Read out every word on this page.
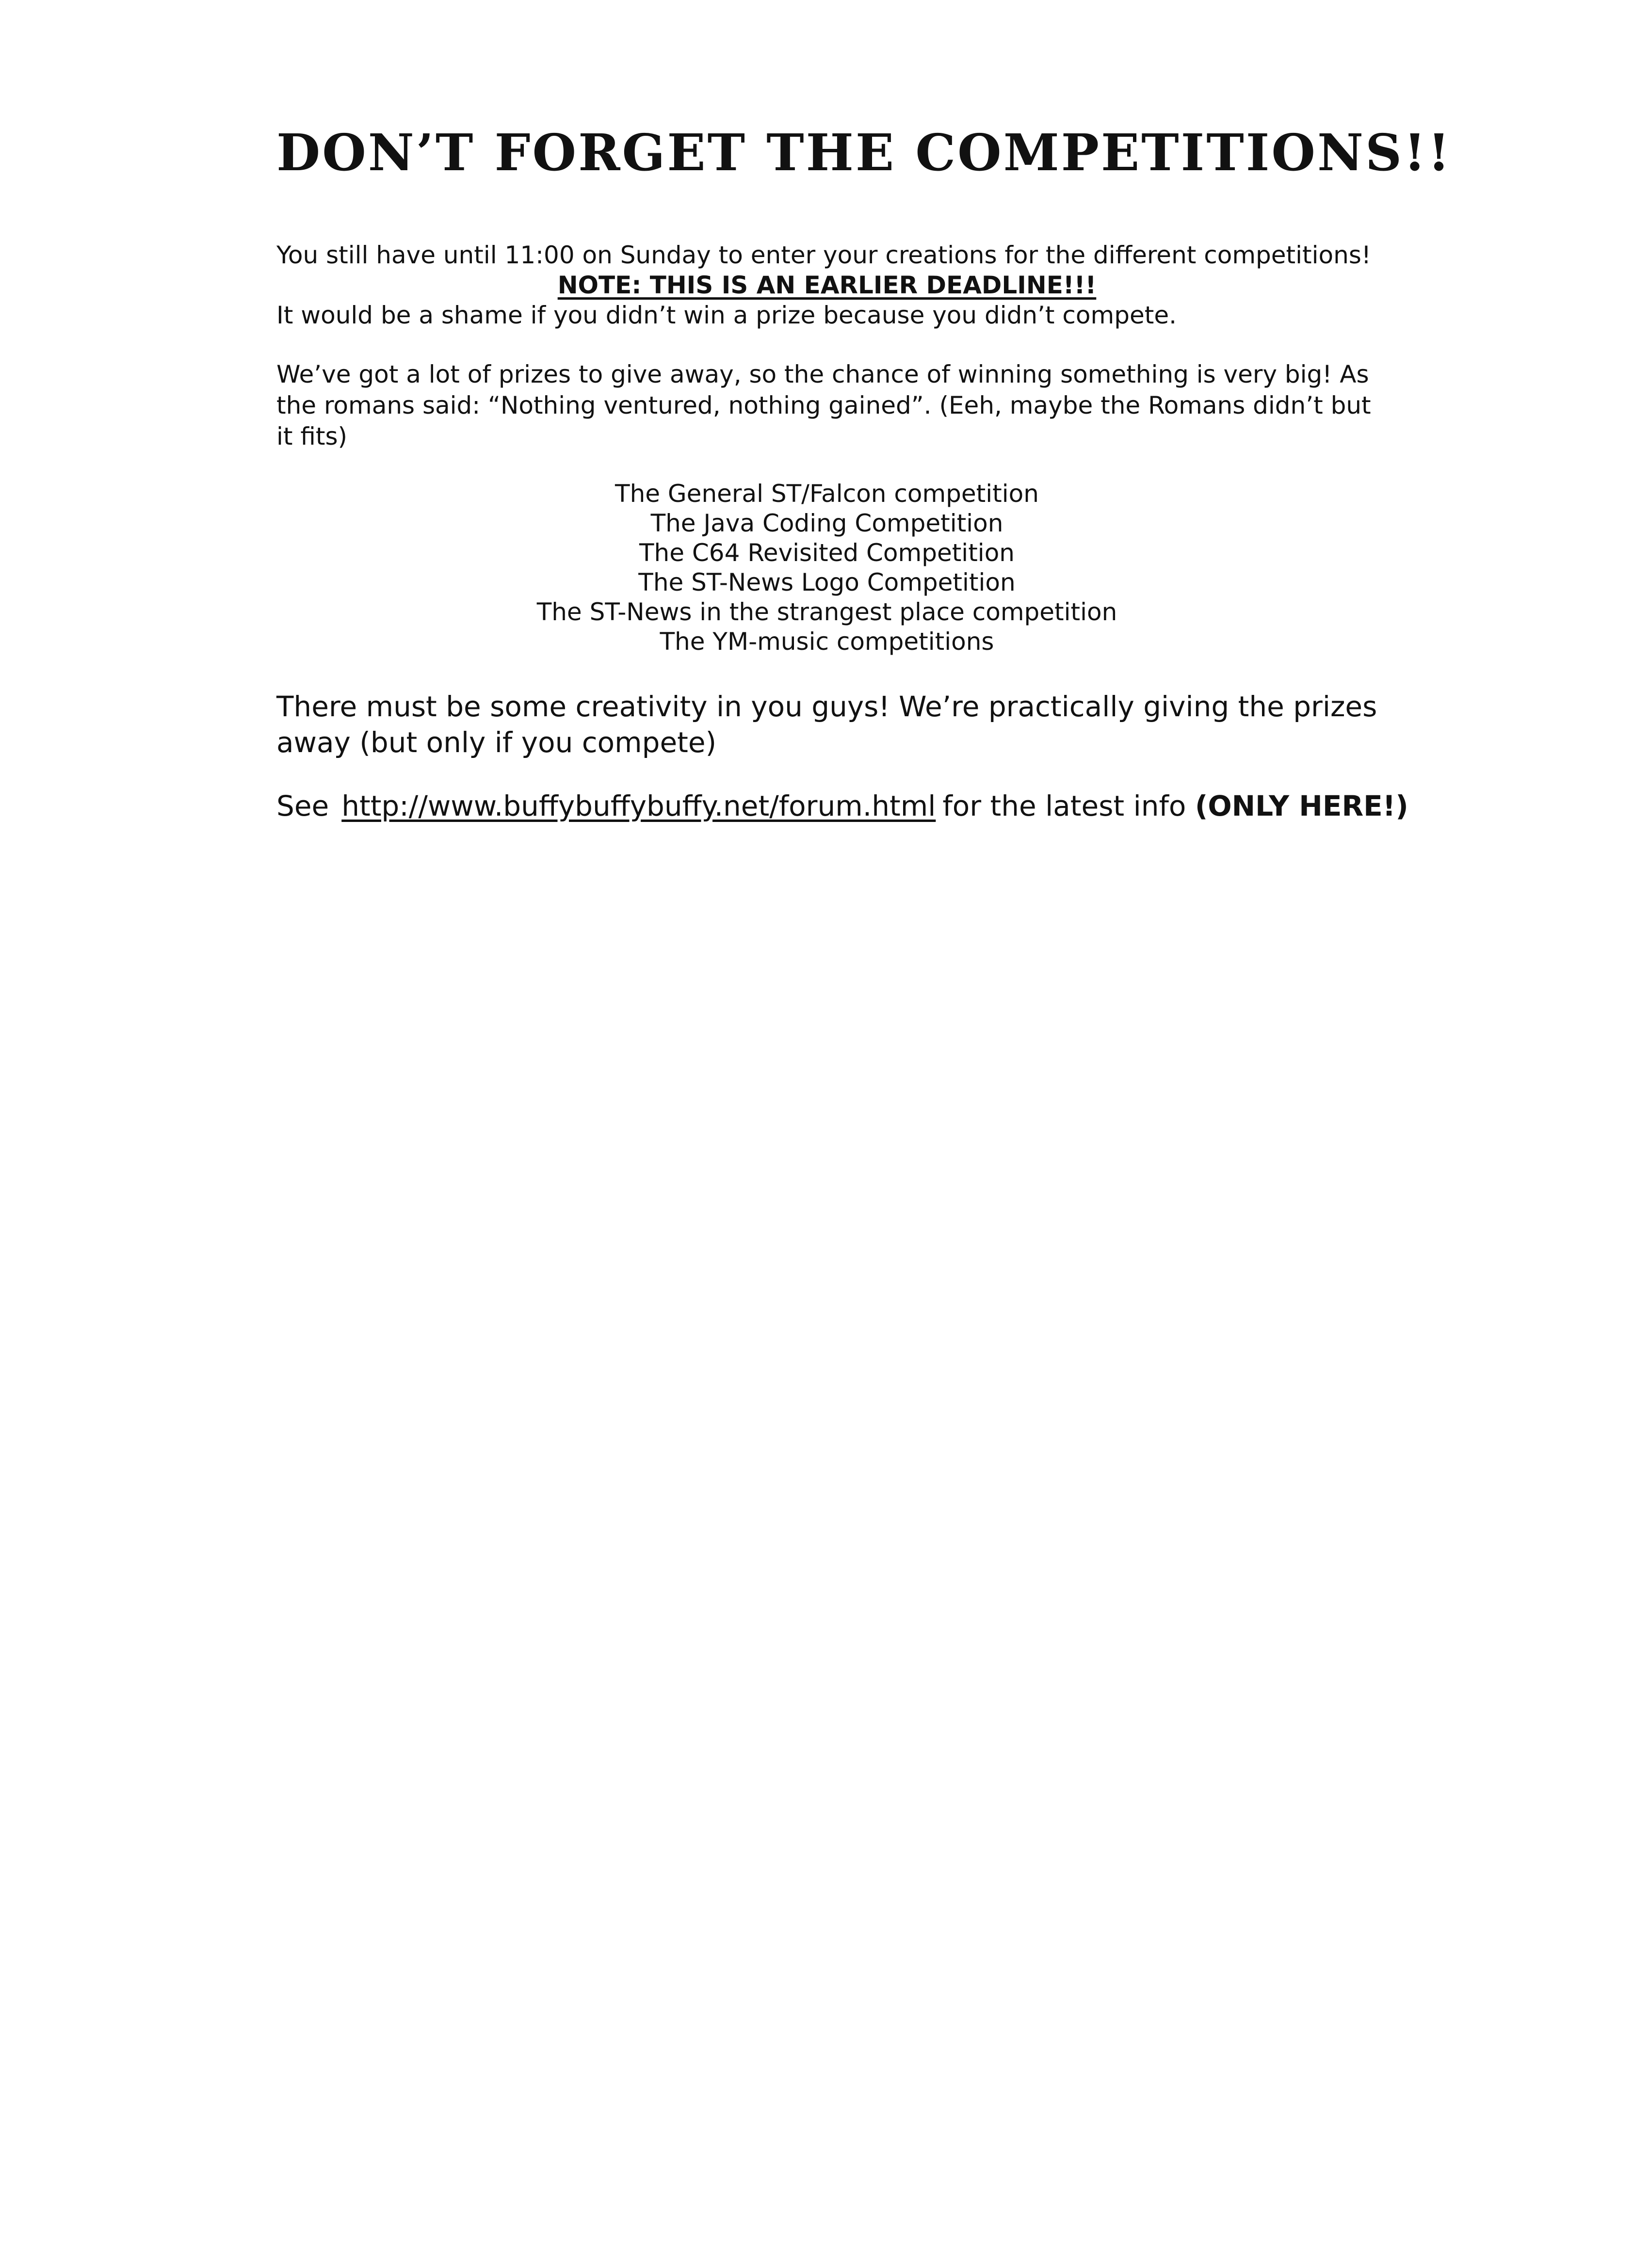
DON’T FORGET THE COMPETITIONS!!

You still have until 11:00 on Sunday to enter your creations for the different competitions!
NOTE: THIS IS AN EARLIER DEADLINE!!!
It would be a shame if you didn’t win a prize because you didn’t compete.

We’ve got a lot of prizes to give away, so the chance of winning something is very big! As
the romans said: “Nothing ventured, nothing gained”. (Eeh, maybe the Romans didn’t but
it fits)

The General ST/Falcon competition
The Java Coding Competition
The C64 Revisited Competition
The ST-News Logo Competition
The ST-News in the strangest place competition
The YM-music competitions

There must be some creativity in you guys! We’re practically giving the prizes
away (but only if you compete)

See http://www.buffybuffybuffy.net/forum.html for the latest info (ONLY HERE!)
